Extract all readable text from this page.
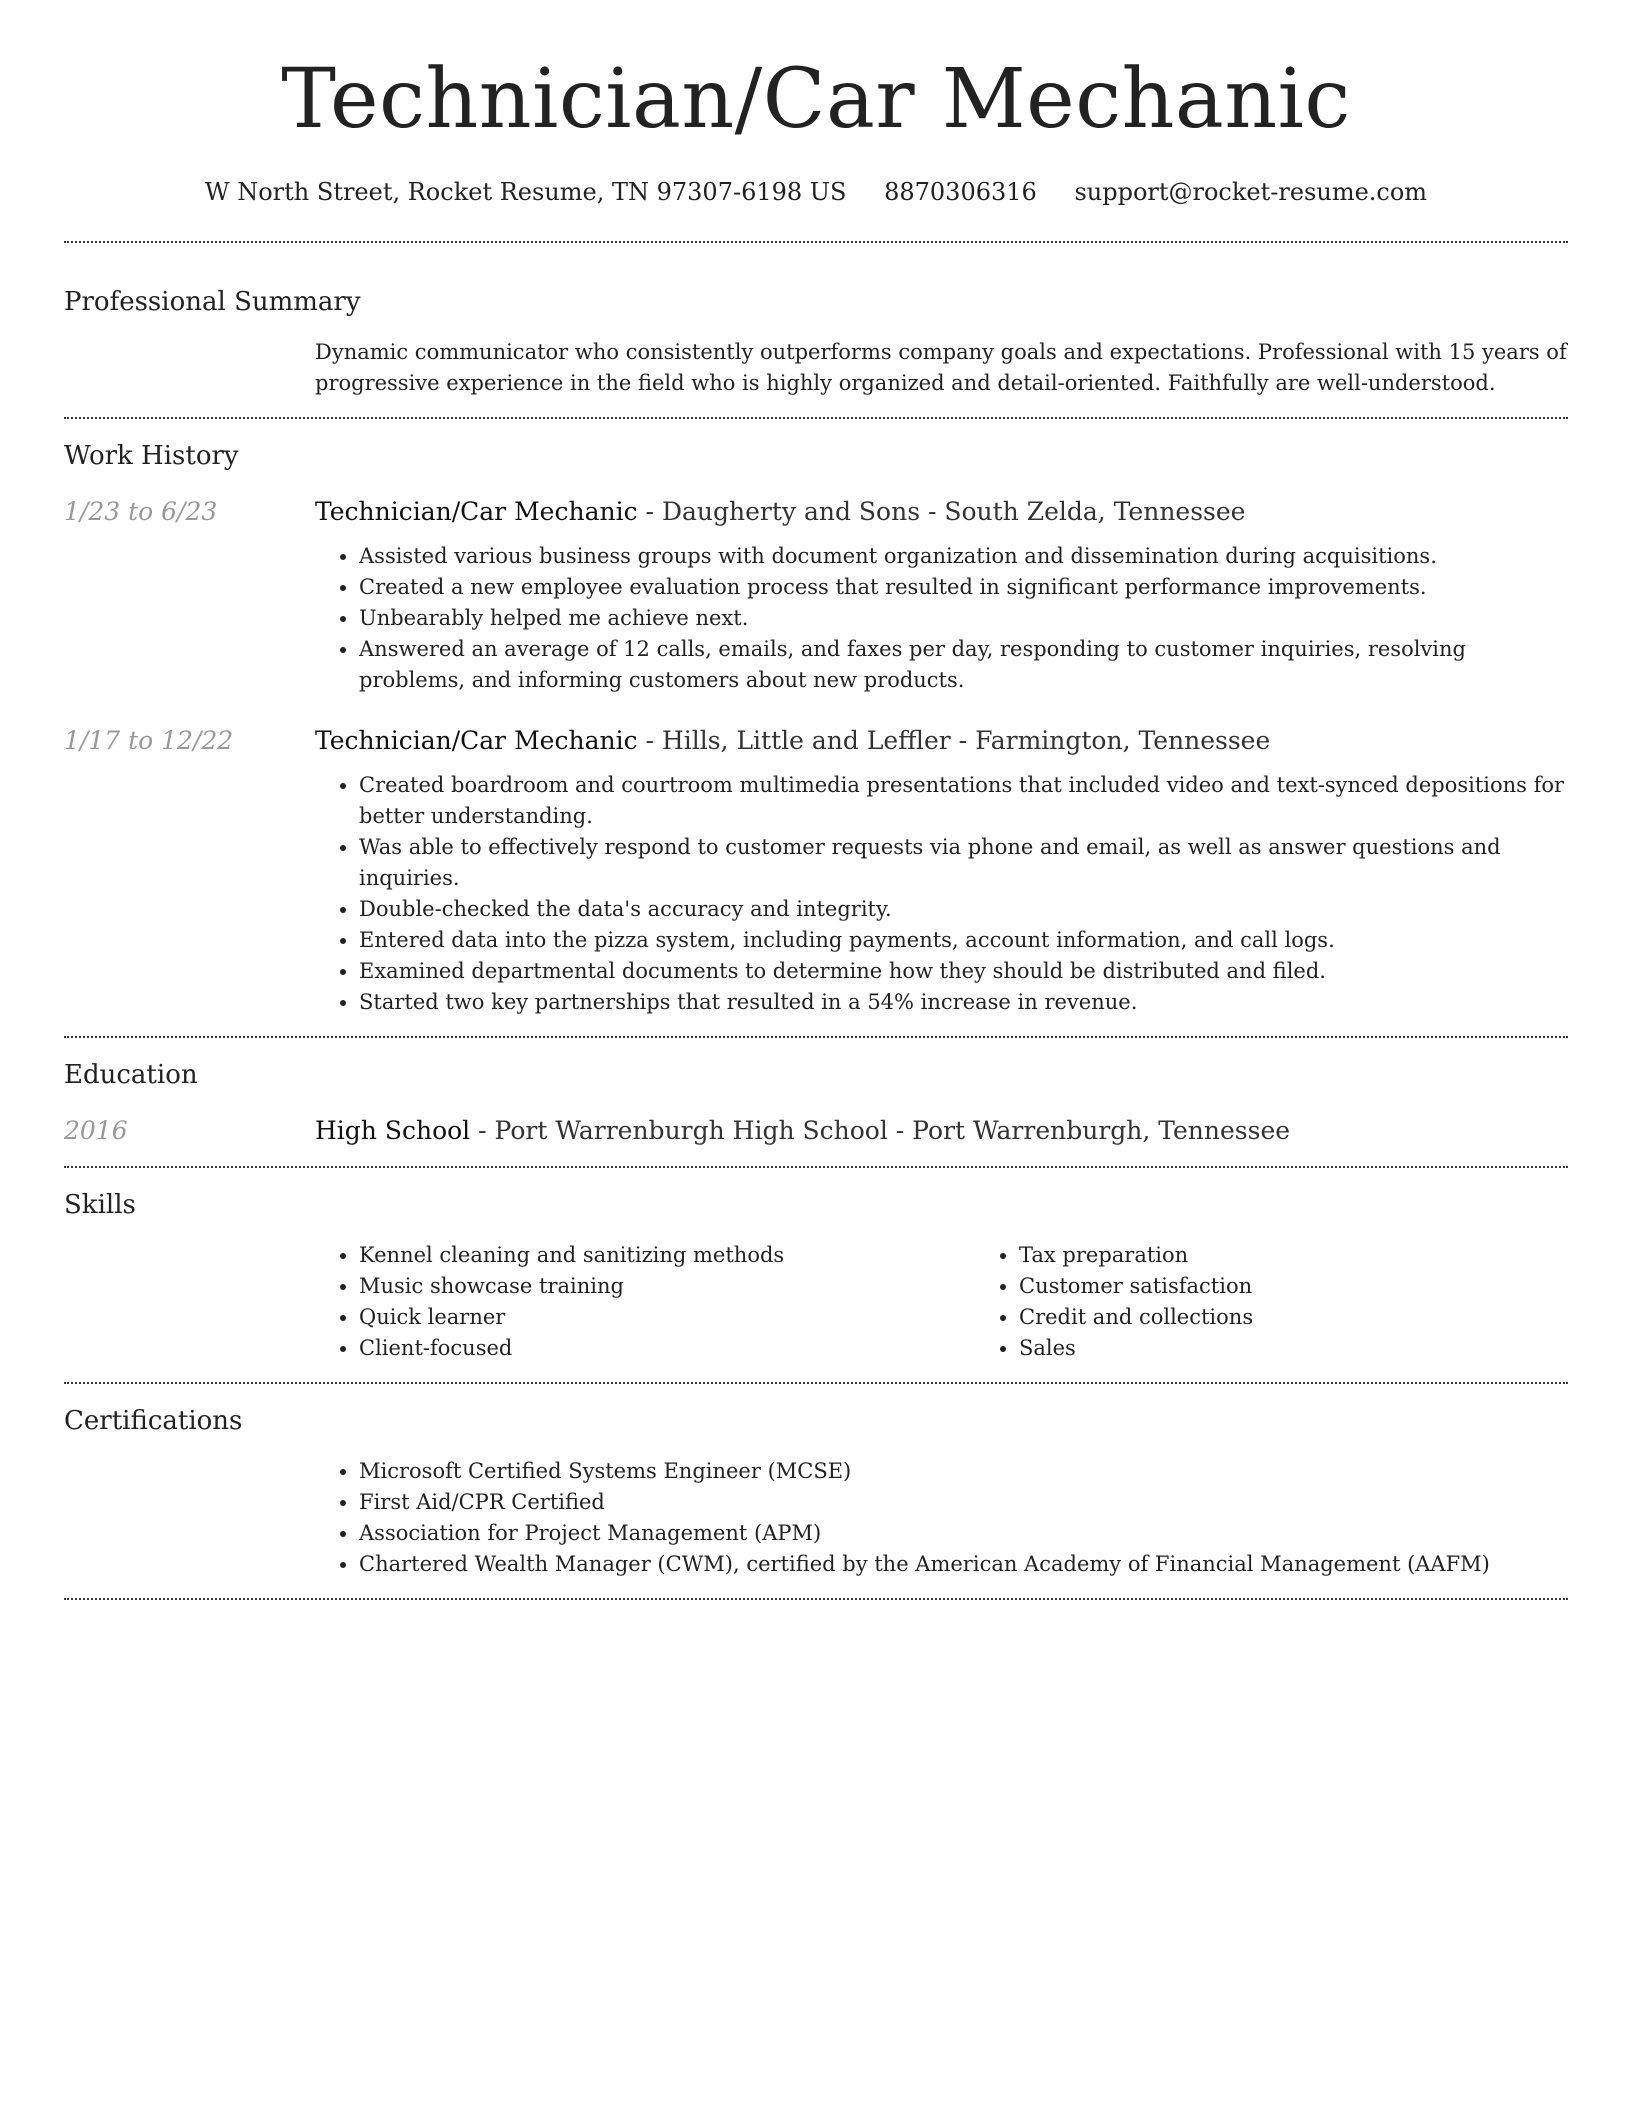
Technician/Car Mechanic
W North Street, Rocket Resume, TN 97307-6198 US 8870306316 support@rocket-resume.com
Professional Summary

Dynamic communicator who consistently outperforms company goals and expectations. Professional with 15 years of progressive experience in the field who is highly organized and detail-oriented. Faithfully are well-understood.

Work History
1/23 to 6/23	Technician/Car Mechanic - Daugherty and Sons - South Zelda, Tennessee

• Assisted various business groups with document organization and dissemination during acquisitions.
• Created a new employee evaluation process that resulted in significant performance improvements.
• Unbearably helped me achieve next.
• Answered an average of 12 calls, emails, and faxes per day, responding to customer inquiries, resolving problems, and informing customers about new products.
1/17 to 12/22	Technician/Car Mechanic - Hills, Little and Leffler - Farmington, Tennessee

• Created boardroom and courtroom multimedia presentations that included video and text-synced depositions for better understanding.
• Was able to effectively respond to customer requests via phone and email, as well as answer questions and inquiries.
• Double-checked the data's accuracy and integrity.
• Entered data into the pizza system, including payments, account information, and call logs.
• Examined departmental documents to determine how they should be distributed and filed.
• Started two key partnerships that resulted in a 54% increase in revenue.
Education
2016	High School - Port Warrenburgh High School - Port Warrenburgh, Tennessee

Skills
• Kennel cleaning and sanitizing methods
• Music showcase training
• Quick learner
• Client-focused
• Tax preparation
• Customer satisfaction
• Credit and collections
• Sales
Certifications
• Microsoft Certified Systems Engineer (MCSE)
• First Aid/CPR Certified
• Association for Project Management (APM)
• Chartered Wealth Manager (CWM), certified by the American Academy of Financial Management (AAFM)
